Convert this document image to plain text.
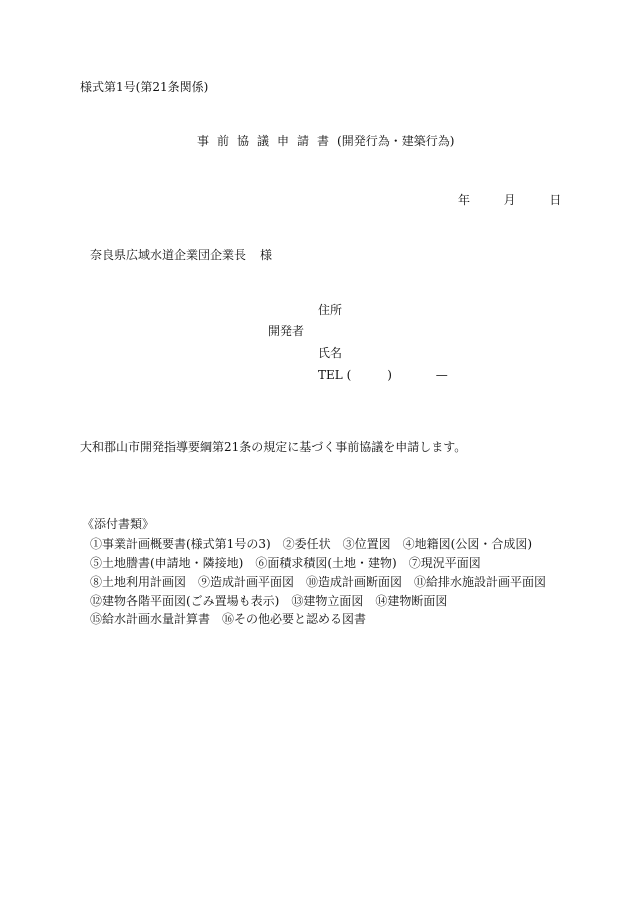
様式第1号(第21条関係)
事前協議申請書(開発行為・建築行為)
年	月	日
奈良県広域水道企業団企業長 様
住所
開発者
氏名
TEL (	)	—
大和郡山市開発指導要綱第21条の規定に基づく事前協議を申請します。
《添付書類》
①事業計画概要書(様式第1号の3)　②委任状　③位置図　④地籍図(公図・合成図)
⑤土地謄書(申請地・隣接地)　⑥面積求積図(土地・建物)　⑦現況平面図
⑧土地利用計画図　⑨造成計画平面図　⑩造成計画断面図　⑪給排水施設計画平面図
⑫建物各階平面図(ごみ置場も表示)　⑬建物立面図　⑭建物断面図
⑮給水計画水量計算書　⑯その他必要と認める図書
